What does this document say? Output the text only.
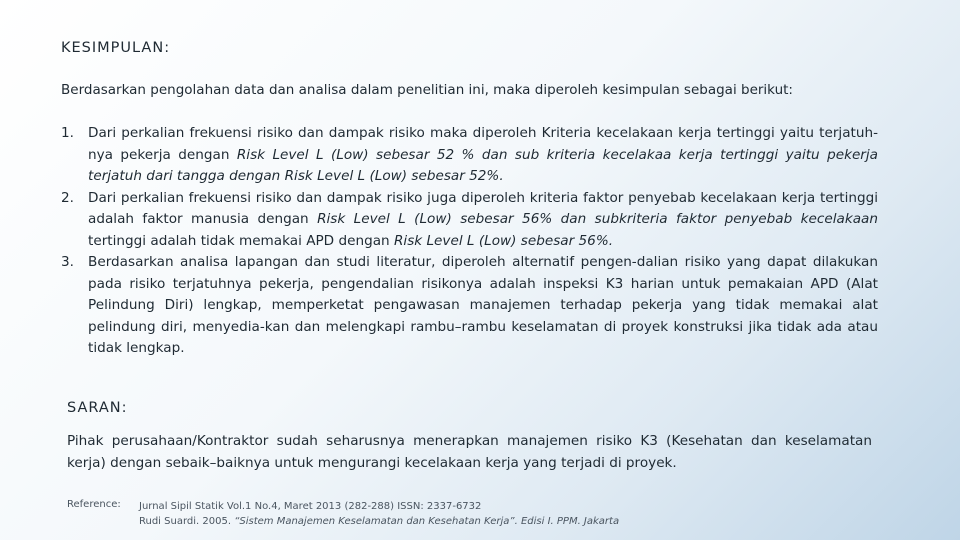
KESIMPULAN:
Berdasarkan pengolahan data dan analisa dalam penelitian ini, maka diperoleh kesimpulan sebagai berikut:
1. Dari perkalian frekuensi risiko dan dampak risiko maka diperoleh Kriteria kecelakaan kerja tertinggi yaitu terjatuh-nya pekerja dengan Risk Level L (Low) sebesar 52 % dan sub kriteria kecelakaa kerja tertinggi yaitu pekerja terjatuh dari tangga dengan Risk Level L (Low) sebesar 52%.
2. Dari perkalian frekuensi risiko dan dampak risiko juga diperoleh kriteria faktor penyebab kecelakaan kerja tertinggi adalah faktor manusia dengan Risk Level L (Low) sebesar 56% dan subkriteria faktor penyebab kecelakaan tertinggi adalah tidak memakai APD dengan Risk Level L (Low) sebesar 56%.
3. Berdasarkan analisa lapangan dan studi literatur, diperoleh alternatif pengen-dalian risiko yang dapat dilakukan pada risiko terjatuhnya pekerja, pengendalian risikonya adalah inspeksi K3 harian untuk pemakaian APD (Alat Pelindung Diri) lengkap, memperketat pengawasan manajemen terhadap pekerja yang tidak memakai alat pelindung diri, menyedia-kan dan melengkapi rambu–rambu keselamatan di proyek konstruksi jika tidak ada atau tidak lengkap.
SARAN:
Pihak perusahaan/Kontraktor sudah seharusnya menerapkan manajemen risiko K3 (Kesehatan dan keselamatan kerja) dengan sebaik–baiknya untuk mengurangi kecelakaan kerja yang terjadi di proyek.
Reference: Jurnal Sipil Statik Vol.1 No.4, Maret 2013 (282-288) ISSN: 2337-6732
Rudi Suardi. 2005. “Sistem Manajemen Keselamatan dan Kesehatan Kerja”. Edisi I. PPM. Jakarta
